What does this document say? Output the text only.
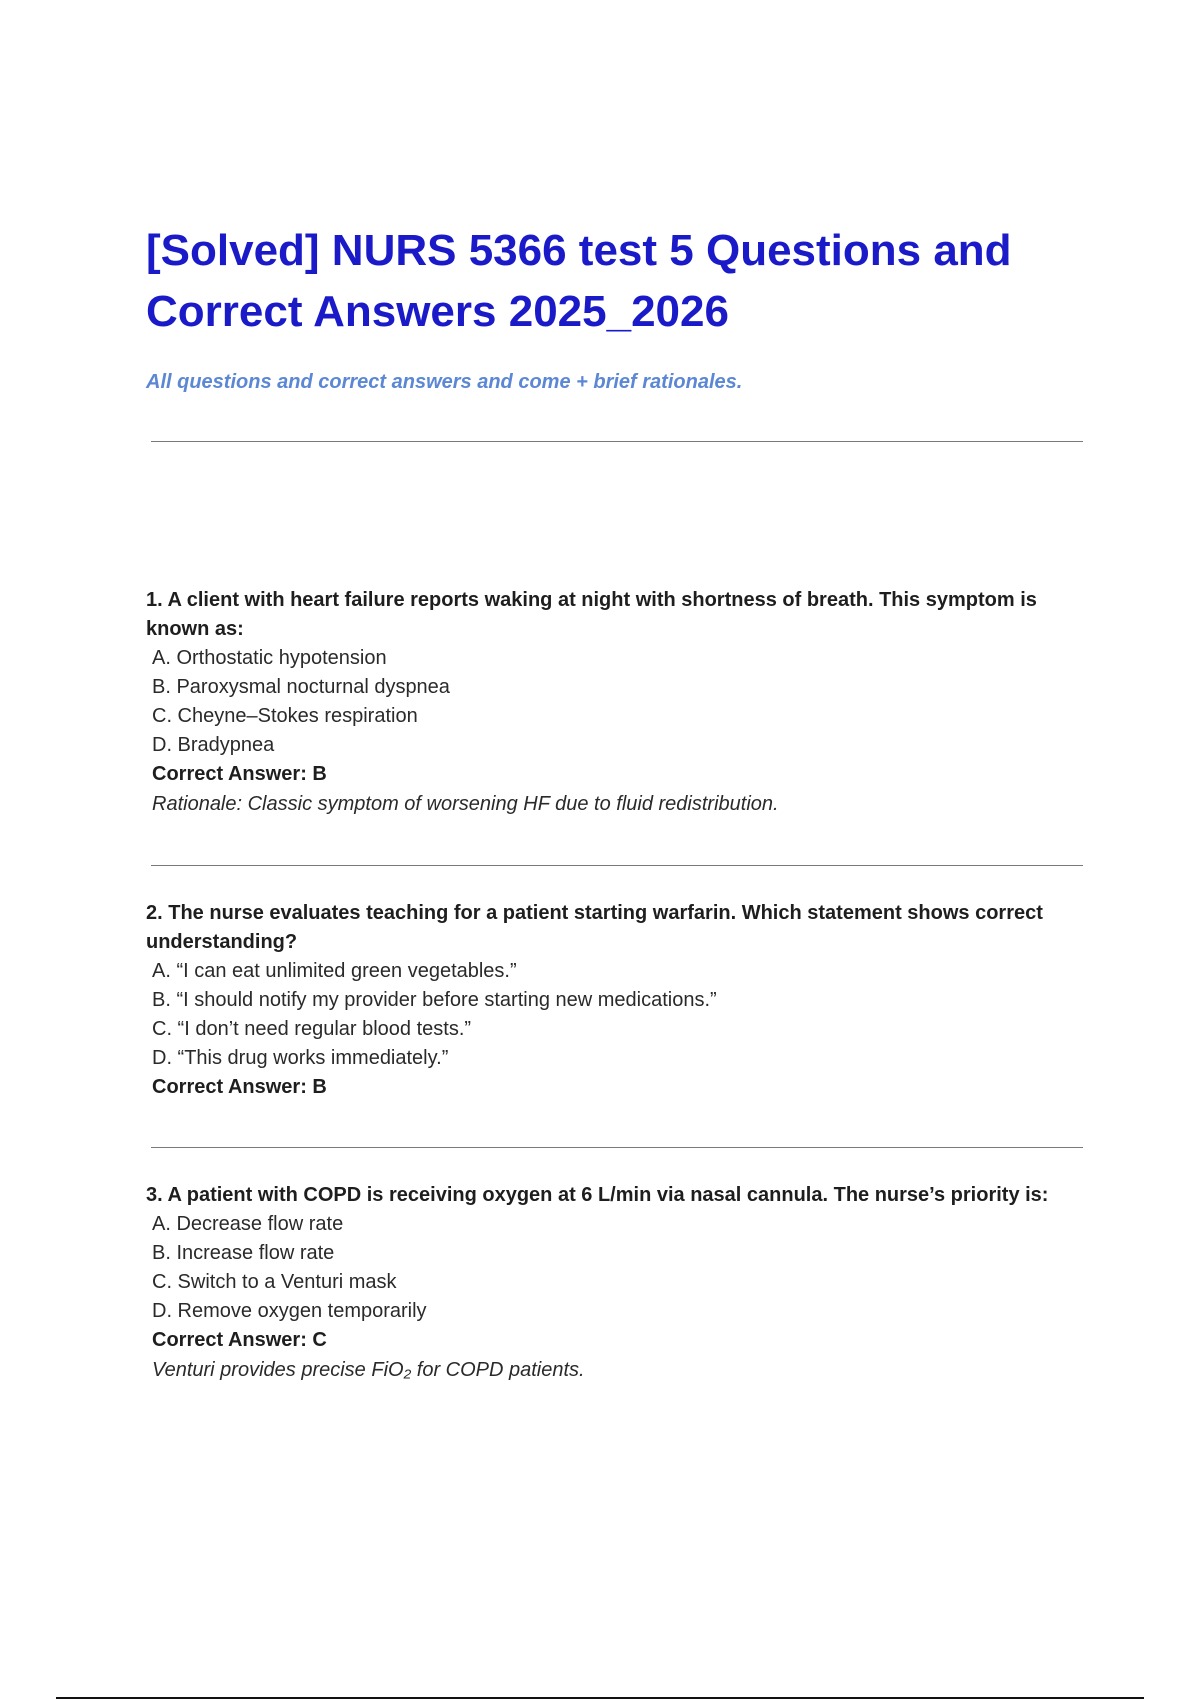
[Solved] NURS 5366 test 5 Questions and Correct Answers 2025_2026

All questions and correct answers and come + brief rationales.

1. A client with heart failure reports waking at night with shortness of breath. This symptom is known as:

A. Orthostatic hypotension
B. Paroxysmal nocturnal dyspnea
C. Cheyne–Stokes respiration
D. Bradypnea

Correct Answer: B

Rationale: Classic symptom of worsening HF due to fluid redistribution.

2. The nurse evaluates teaching for a patient starting warfarin. Which statement shows correct understanding?

A. “I can eat unlimited green vegetables.”
B. “I should notify my provider before starting new medications.”
C. “I don’t need regular blood tests.”
D. “This drug works immediately.”

Correct Answer: B

3. A patient with COPD is receiving oxygen at 6 L/min via nasal cannula. The nurse’s priority is:

A. Decrease flow rate
B. Increase flow rate
C. Switch to a Venturi mask
D. Remove oxygen temporarily

Correct Answer: C

Venturi provides precise FiO₂ for COPD patients.
